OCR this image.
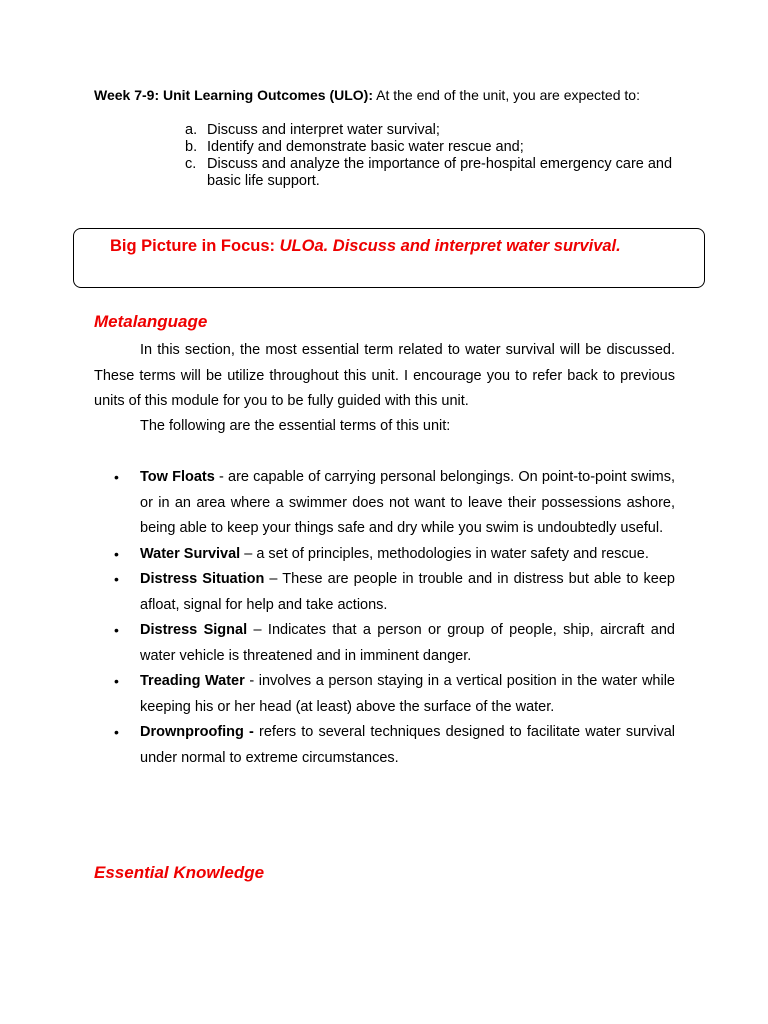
Week 7-9: Unit Learning Outcomes (ULO): At the end of the unit, you are expected to:
a. Discuss and interpret water survival;
b. Identify and demonstrate basic water rescue and;
c. Discuss and analyze the importance of pre-hospital emergency care and basic life support.
Big Picture in Focus: ULOa. Discuss and interpret water survival.
Metalanguage
In this section, the most essential term related to water survival will be discussed. These terms will be utilize throughout this unit. I encourage you to refer back to previous units of this module for you to be fully guided with this unit.
The following are the essential terms of this unit:
•	Tow Floats - are capable of carrying personal belongings. On point-to-point swims, or in an area where a swimmer does not want to leave their possessions ashore, being able to keep your things safe and dry while you swim is undoubtedly useful.
•	Water Survival – a set of principles, methodologies in water safety and rescue.
•	Distress Situation – These are people in trouble and in distress but able to keep afloat, signal for help and take actions.
•	Distress Signal – Indicates that a person or group of people, ship, aircraft and water vehicle is threatened and in imminent danger.
•	Treading Water - involves a person staying in a vertical position in the water while keeping his or her head (at least) above the surface of the water.
•	Drownproofing - refers to several techniques designed to facilitate water survival under normal to extreme circumstances.
Essential Knowledge
